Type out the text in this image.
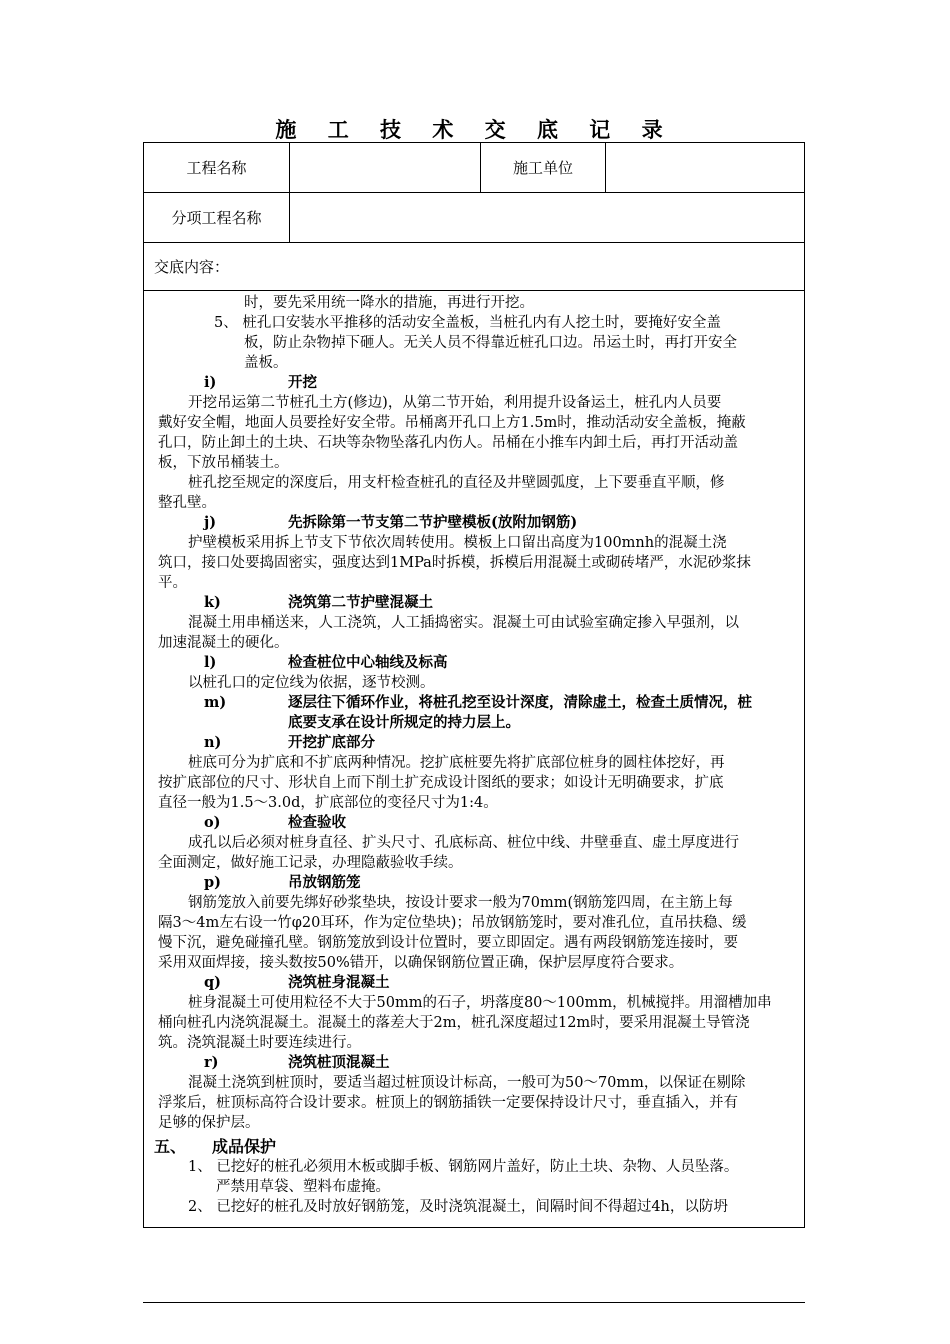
施 工 技 术 交 底 记 录
工程名称	施工单位
分项工程名称
交底内容：
时，要先采用统一降水的措施，再进行开挖。
5、 桩孔口安装水平推移的活动安全盖板，当桩孔内有人挖土时，要掩好安全盖
板，防止杂物掉下砸人。无关人员不得靠近桩孔口边。吊运土时，再打开安全
盖板。
i)	开挖
开挖吊运第二节桩孔土方(修边)，从第二节开始，利用提升设备运土，桩孔内人员要
戴好安全帽，地面人员要拴好安全带。吊桶离开孔口上方1.5m时，推动活动安全盖板，掩蔽
孔口，防止卸土的土块、石块等杂物坠落孔内伤人。吊桶在小推车内卸土后，再打开活动盖
板，下放吊桶装土。
桩孔挖至规定的深度后，用支杆检查桩孔的直径及井壁圆弧度，上下要垂直平顺，修
整孔壁。
j)	先拆除第一节支第二节护壁模板(放附加钢筋)
护壁模板采用拆上节支下节依次周转使用。模板上口留出高度为100mnh的混凝土浇
筑口，接口处要捣固密实，强度达到1MPa时拆模，拆模后用混凝土或砌砖堵严，水泥砂浆抹
平。
k)	浇筑第二节护壁混凝土
混凝土用串桶送来，人工浇筑，人工插捣密实。混凝土可由试验室确定掺入早强剂，以
加速混凝土的硬化。
l)	检查桩位中心轴线及标高
以桩孔口的定位线为依据，逐节校测。
m)	逐层往下循环作业，将桩孔挖至设计深度，清除虚土，检查土质情况，桩
底要支承在设计所规定的持力层上。
n)	开挖扩底部分
桩底可分为扩底和不扩底两种情况。挖扩底桩要先将扩底部位桩身的圆柱体挖好，再
按扩底部位的尺寸、形状自上而下削土扩充成设计图纸的要求；如设计无明确要求，扩底
直径一般为1.5～3.0d，扩底部位的变径尺寸为1:4。
o)	检查验收
成孔以后必须对桩身直径、扩头尺寸、孔底标高、桩位中线、井壁垂直、虚土厚度进行
全面测定，做好施工记录，办理隐蔽验收手续。
p)	吊放钢筋笼
钢筋笼放入前要先绑好砂浆垫块，按设计要求一般为70mm(钢筋笼四周，在主筋上每
隔3～4m左右设一竹φ20耳环，作为定位垫块)；吊放钢筋笼时，要对准孔位，直吊扶稳、缓
慢下沉，避免碰撞孔壁。钢筋笼放到设计位置时，要立即固定。遇有两段钢筋笼连接时，要
采用双面焊接，接头数按50%错开，以确保钢筋位置正确，保护层厚度符合要求。
q)	浇筑桩身混凝土
桩身混凝土可使用粒径不大于50mm的石子，坍落度80～100mm，机械搅拌。用溜槽加串
桶向桩孔内浇筑混凝土。混凝土的落差大于2m，桩孔深度超过12m时，要采用混凝土导管浇
筑。浇筑混凝土时要连续进行。
r)	浇筑桩顶混凝土
混凝土浇筑到桩顶时，要适当超过桩顶设计标高，一般可为50～70mm，以保证在剔除
浮浆后，桩顶标高符合设计要求。桩顶上的钢筋插铁一定要保持设计尺寸，垂直插入，并有
足够的保护层。
五、 成品保护
1、 已挖好的桩孔必须用木板或脚手板、钢筋网片盖好，防止土块、杂物、人员坠落。
严禁用草袋、塑料布虚掩。
2、 已挖好的桩孔及时放好钢筋笼，及时浇筑混凝土，间隔时间不得超过4h，以防坍
